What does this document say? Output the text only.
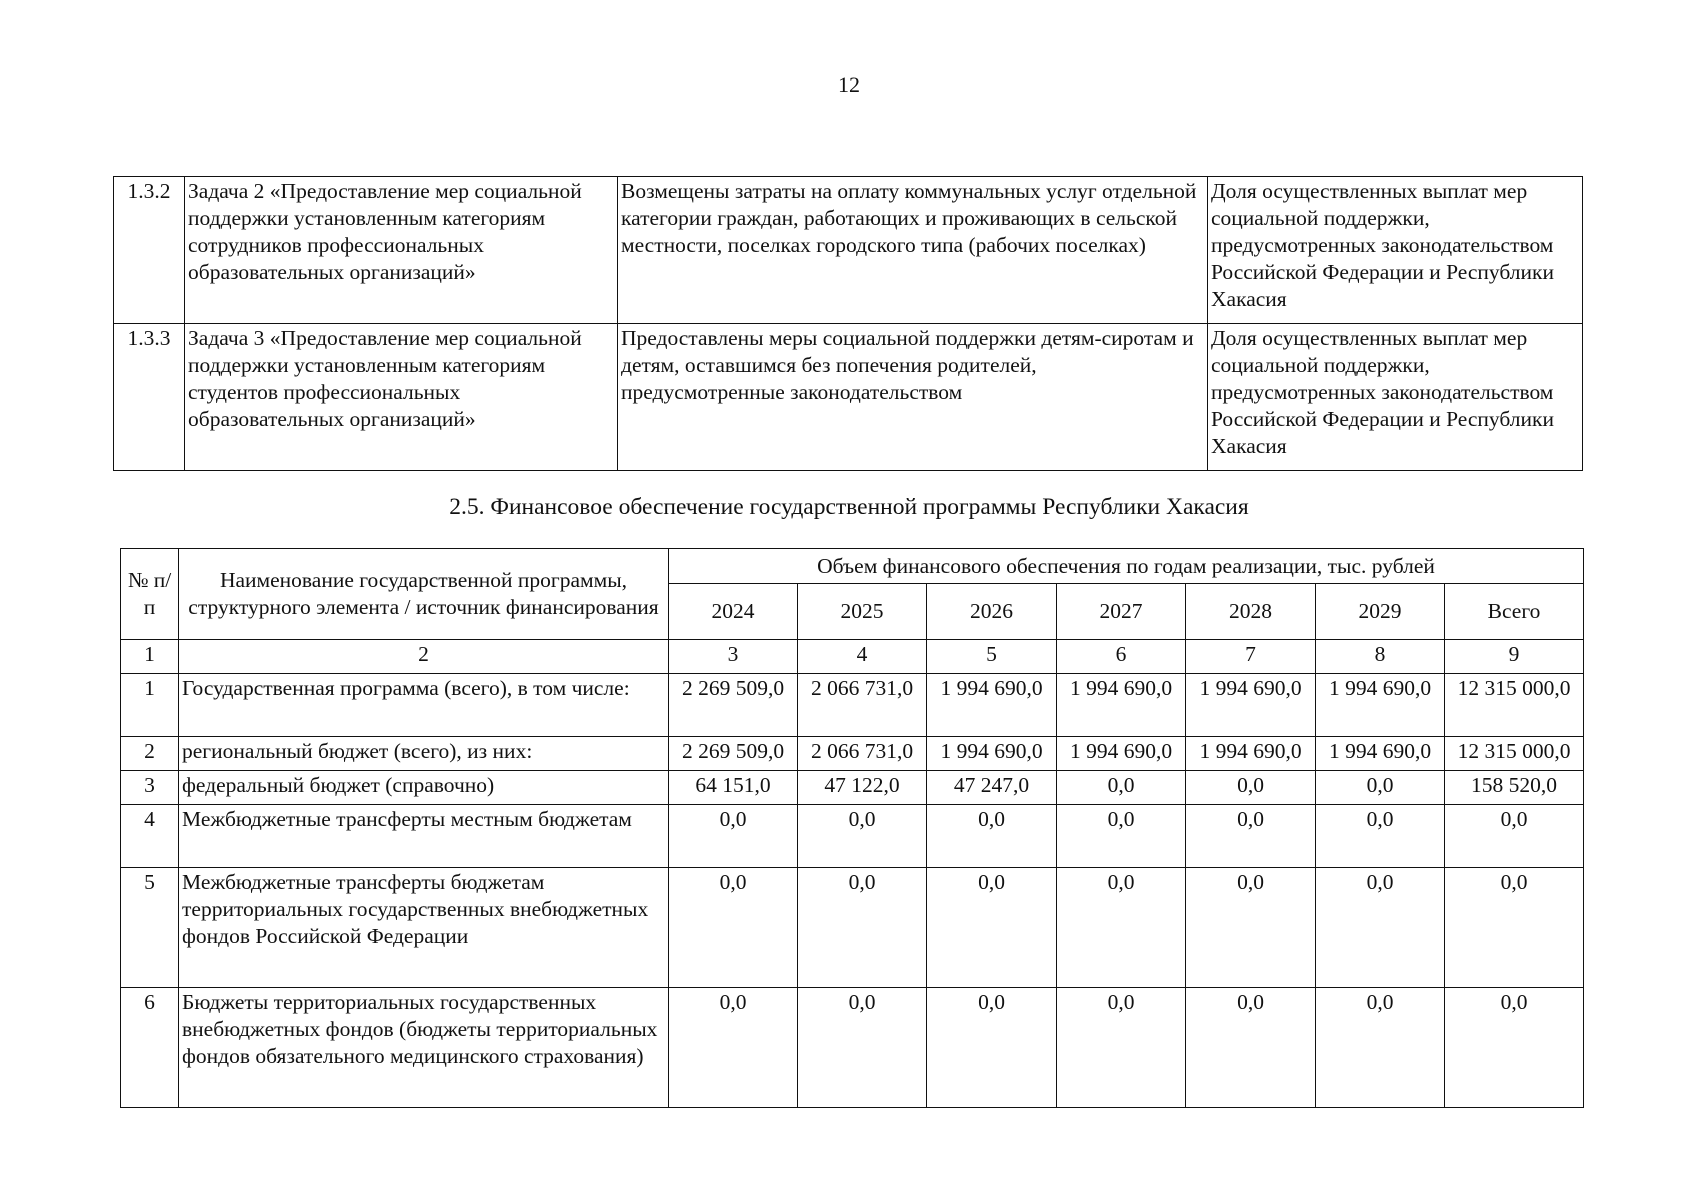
12
1.3.2	Задача 2 «Предоставление мер социальной поддержки установленным категориям сотрудников профессиональных образовательных организаций»	Возмещены затраты на оплату коммунальных услуг отдельной категории граждан, работающих и проживающих в сельской местности, поселках городского типа (рабочих поселках)	Доля осуществленных выплат мер социальной поддержки, предусмотренных законодательством Российской Федерации и Республики Хакасия
1.3.3	Задача 3 «Предоставление мер социальной поддержки установленным категориям студентов профессиональных образовательных организаций»	Предоставлены меры социальной поддержки детям-сиротам и детям, оставшимся без попечения родителей, предусмотренные законодательством	Доля осуществленных выплат мер социальной поддержки, предусмотренных законодательством Российской Федерации и Республики Хакасия
2.5. Финансовое обеспечение государственной программы Республики Хакасия
№ п/п	Наименование государственной программы, структурного элемента / источник финансирования	Объем финансового обеспечения по годам реализации, тыс. рублей						
		2024	2025	2026	2027	2028	2029	Всего
1	2	3	4	5	6	7	8	9
1	Государственная программа (всего), в том числе:	2 269 509,0	2 066 731,0	1 994 690,0	1 994 690,0	1 994 690,0	1 994 690,0	12 315 000,0
2	региональный бюджет (всего), из них:	2 269 509,0	2 066 731,0	1 994 690,0	1 994 690,0	1 994 690,0	1 994 690,0	12 315 000,0
3	федеральный бюджет (справочно)	64 151,0	47 122,0	47 247,0	0,0	0,0	0,0	158 520,0
4	Межбюджетные трансферты местным бюджетам	0,0	0,0	0,0	0,0	0,0	0,0	0,0
5	Межбюджетные трансферты бюджетам территориальных государственных внебюджетных фондов Российской Федерации	0,0	0,0	0,0	0,0	0,0	0,0	0,0
6	Бюджеты территориальных государственных внебюджетных фондов (бюджеты территориальных фондов обязательного медицинского страхования)	0,0	0,0	0,0	0,0	0,0	0,0	0,0
